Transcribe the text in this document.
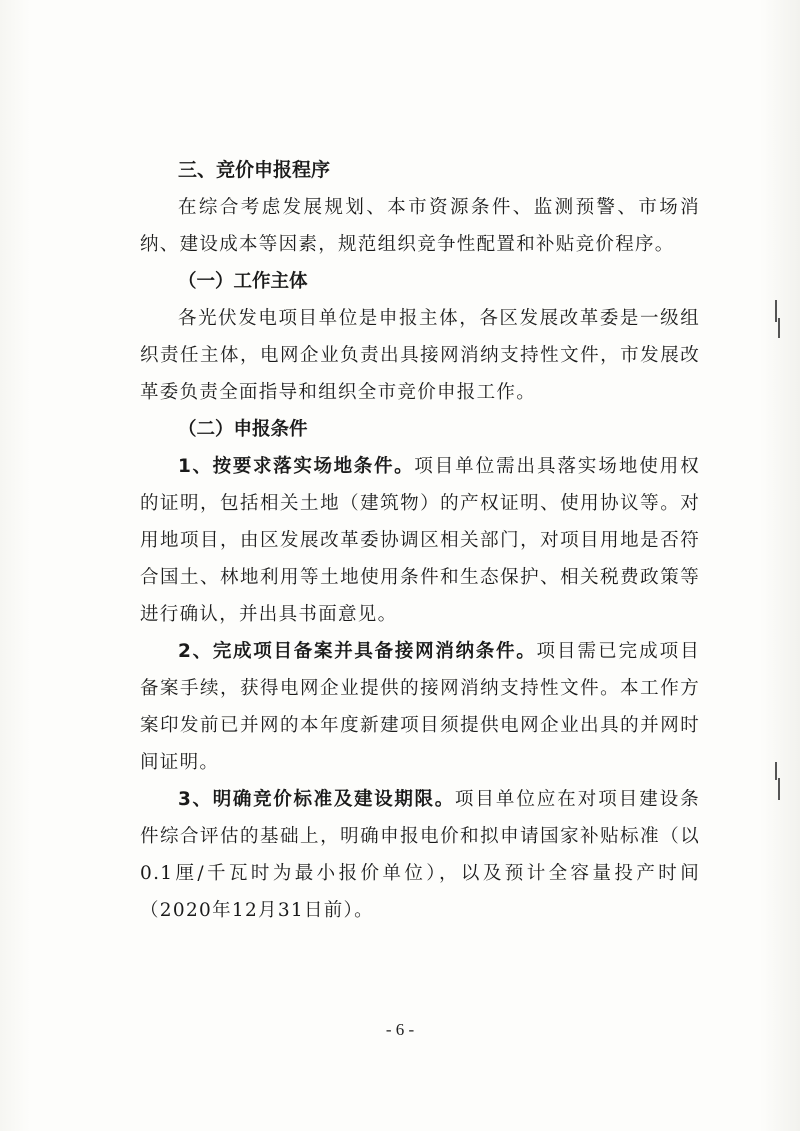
三、竞价申报程序

在综合考虑发展规划、本市资源条件、监测预警、市场消纳、建设成本等因素，规范组织竞争性配置和补贴竞价程序。

（一）工作主体

各光伏发电项目单位是申报主体，各区发展改革委是一级组织责任主体，电网企业负责出具接网消纳支持性文件，市发展改革委负责全面指导和组织全市竞价申报工作。

（二）申报条件

1、按要求落实场地条件。项目单位需出具落实场地使用权的证明，包括相关土地（建筑物）的产权证明、使用协议等。对用地项目，由区发展改革委协调区相关部门，对项目用地是否符合国土、林地利用等土地使用条件和生态保护、相关税费政策等进行确认，并出具书面意见。

2、完成项目备案并具备接网消纳条件。项目需已完成项目备案手续，获得电网企业提供的接网消纳支持性文件。本工作方案印发前已并网的本年度新建项目须提供电网企业出具的并网时间证明。

3、明确竞价标准及建设期限。项目单位应在对项目建设条件综合评估的基础上，明确申报电价和拟申请国家补贴标准（以0.1厘/千瓦时为最小报价单位），以及预计全容量投产时间（2020年12月31日前）。

- 6 -
